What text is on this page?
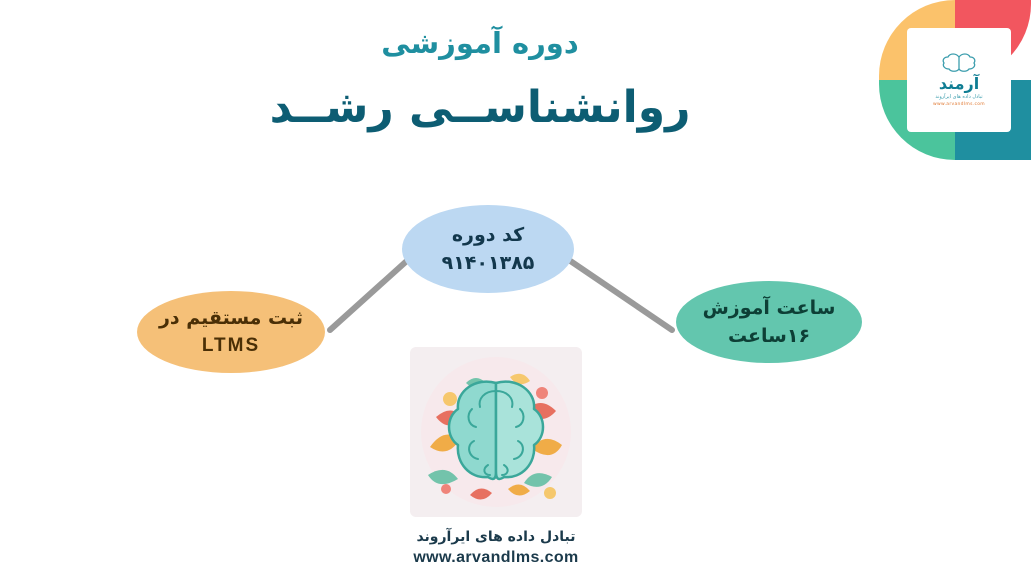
آرمند
تبادل داده های ایرآروند
www.arvandlms.com
دوره آموزشی
روانشناســی رشــد
کد دوره
۹۱۴۰۱۳۸۵
ساعت آموزش
۱۶ساعت
ثبت مستقیم در
LTMS
تبادل داده های ایرآروند
www.arvandlms.com
